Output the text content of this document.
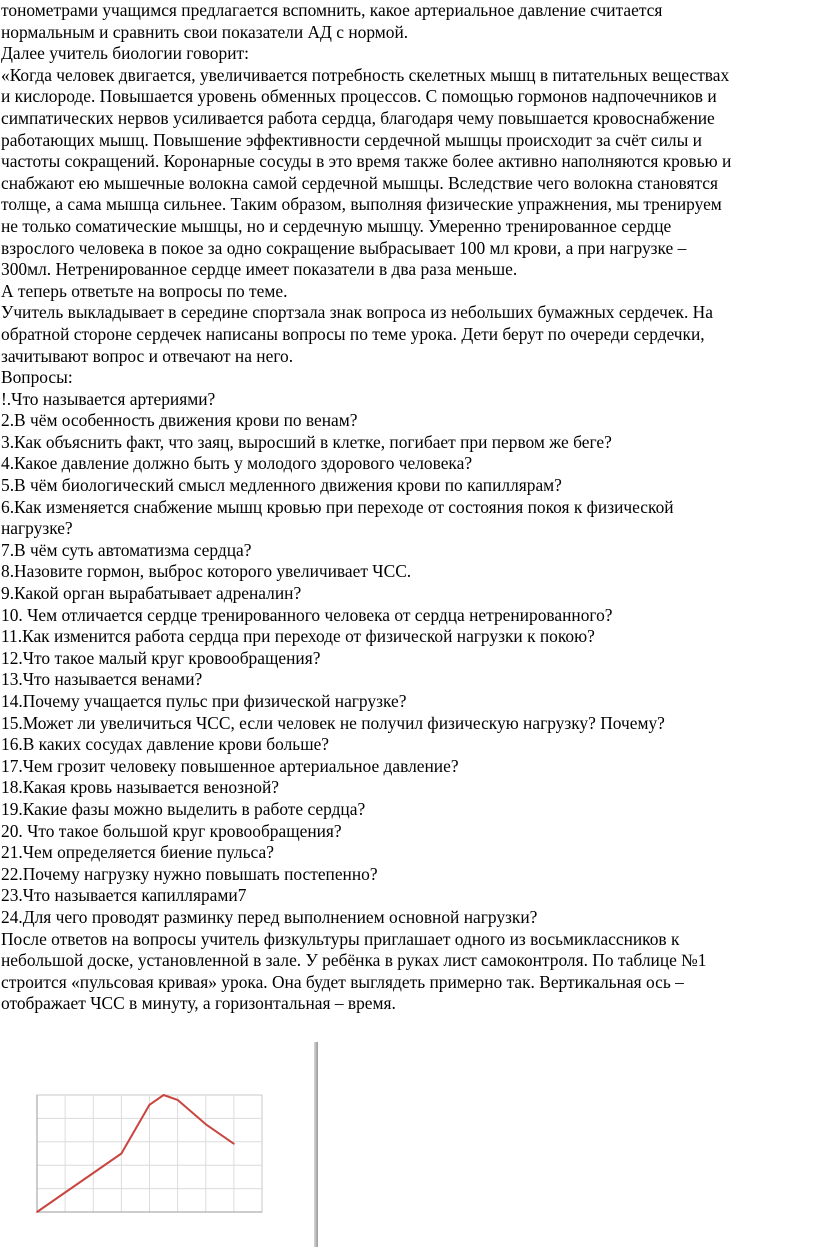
тонометрами учащимся предлагается вспомнить, какое артериальное давление считается

нормальным и сравнить свои показатели АД с нормой.

Далее учитель биологии говорит:

«Когда человек двигается, увеличивается потребность скелетных мышц в питательных веществах

и кислороде. Повышается уровень обменных процессов. С помощью гормонов надпочечников и

симпатических нервов усиливается работа сердца, благодаря чему повышается кровоснабжение

работающих мышц. Повышение эффективности сердечной мышцы происходит за счёт силы и

частоты сокращений. Коронарные сосуды в это время также более активно наполняются кровью и

снабжают ею мышечные волокна самой сердечной мышцы. Вследствие чего волокна становятся

толще, а сама мышца сильнее. Таким образом, выполняя физические упражнения, мы тренируем

не только соматические мышцы, но и сердечную мышцу. Умеренно тренированное сердце

взрослого человека в покое за одно сокращение выбрасывает 100 мл крови, а при нагрузке –

300мл. Нетренированное сердце имеет показатели в два раза меньше.

А теперь ответьте на вопросы по теме.

Учитель выкладывает в середине спортзала знак вопроса из небольших бумажных сердечек. На

обратной стороне сердечек написаны вопросы по теме урока. Дети берут по очереди сердечки,

зачитывают вопрос и отвечают на него.

Вопросы:

!.Что называется артериями?

2.В чём особенность движения крови по венам?

3.Как объяснить факт, что заяц, выросший в клетке, погибает при первом же беге?

4.Какое давление должно быть у молодого здорового человека?

5.В чём биологический смысл медленного движения крови по капиллярам?

6.Как изменяется снабжение мышц кровью при переходе от состояния покоя к физической

нагрузке?

7.В чём суть автоматизма сердца?

8.Назовите гормон, выброс которого увеличивает ЧСС.

9.Какой орган вырабатывает адреналин?

10. Чем отличается сердце тренированного человека от сердца нетренированного?

11.Как изменится работа сердца при переходе от физической нагрузки к покою?

12.Что такое малый круг кровообращения?

13.Что называется венами?

14.Почему учащается пульс при физической нагрузке?

15.Может ли увеличиться ЧСС, если человек не получил физическую нагрузку? Почему?

16.В каких сосудах давление крови больше?

17.Чем грозит человеку повышенное артериальное давление?

18.Какая кровь называется венозной?

19.Какие фазы можно выделить в работе сердца?

20. Что такое большой круг кровообращения?

21.Чем определяется биение пульса?

22.Почему нагрузку нужно повышать постепенно?

23.Что называется капиллярами7

24.Для чего проводят разминку перед выполнением основной нагрузки?

После ответов на вопросы учитель физкультуры приглашает одного из восьмиклассников к

небольшой доске, установленной в зале. У ребёнка в руках лист самоконтроля. По таблице №1

строится «пульсовая кривая» урока. Она будет выглядеть примерно так. Вертикальная ось –

отображает ЧСС в минуту, а горизонтальная – время.
